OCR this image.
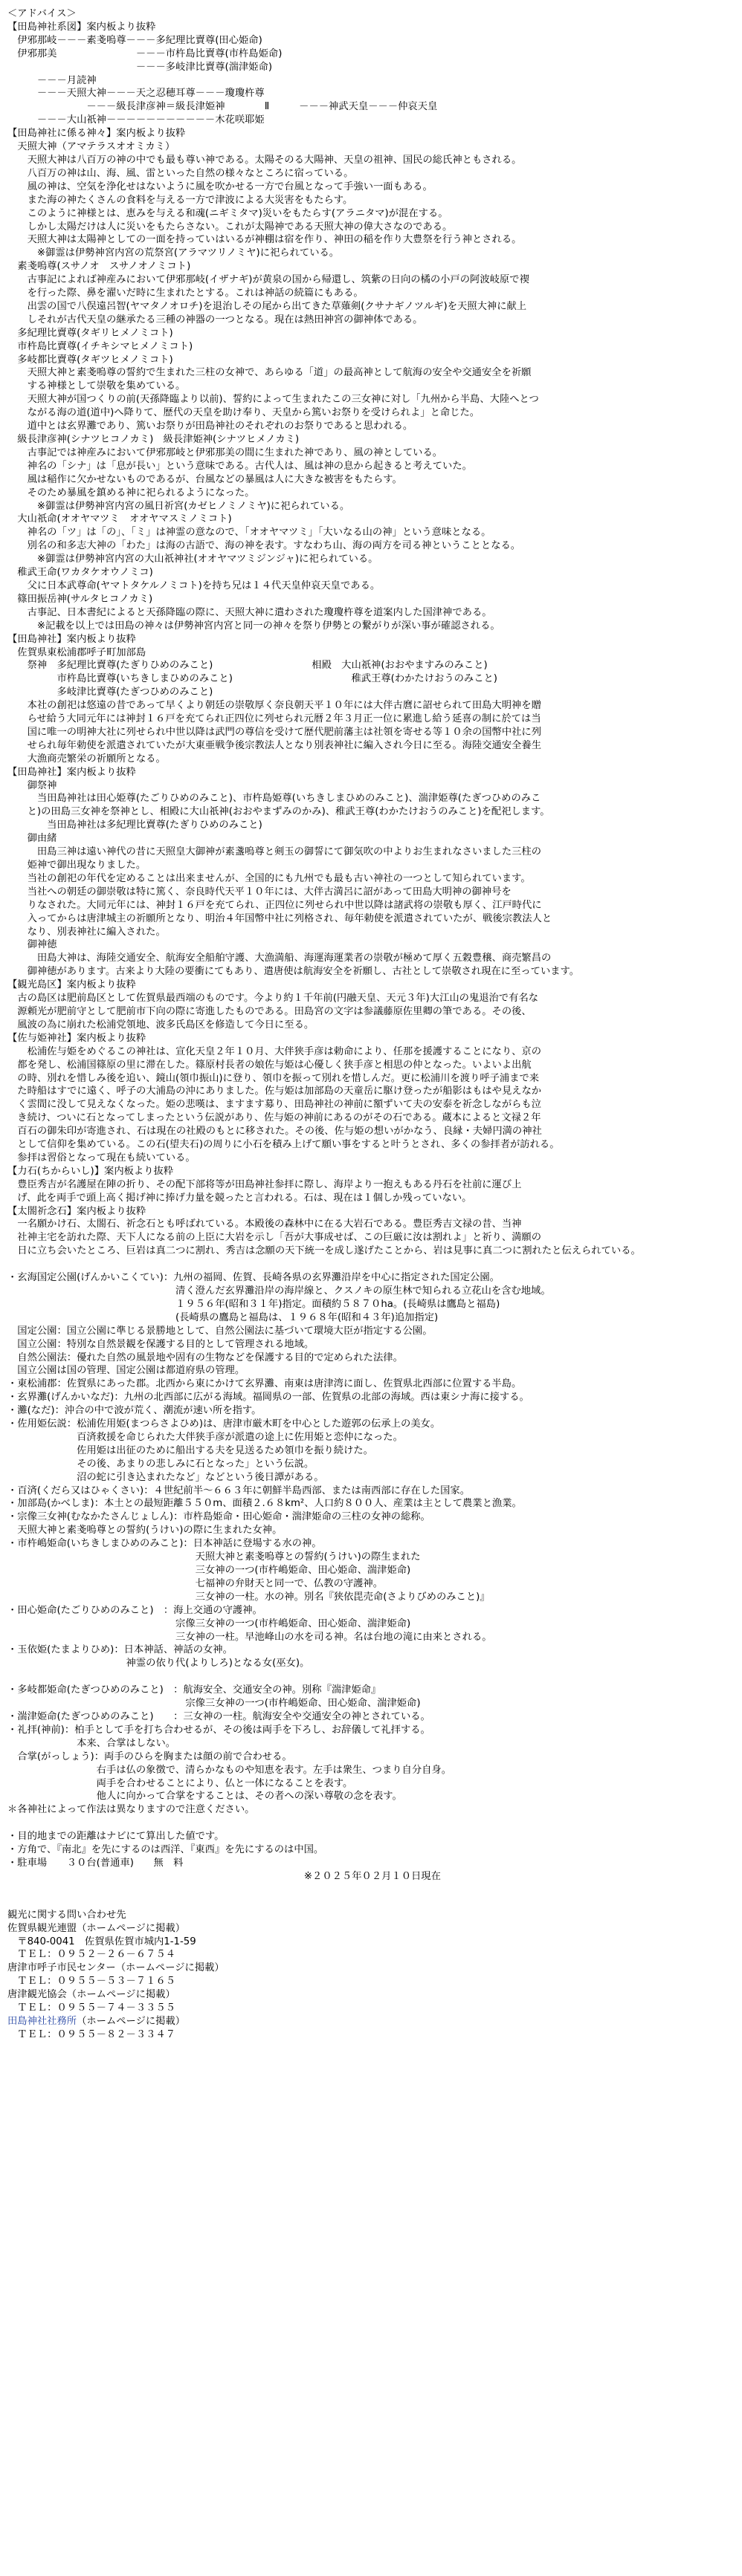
＜アドバイス＞
【田島神社系図】案内板より抜粋
　伊邪那岐－－－素戔嗚尊－－－多紀理比賣尊(田心姫命)
　伊邪那美　　　　　　　　－－－市杵島比賣尊(市杵島姫命)
　　　　　　　　　　　　　－－－多岐津比賣尊(湍津姫命)
　　　－－－月読神
　　　－－－天照大神－－－天之忍穂耳尊－－－瓊瓊杵尊
　　　　　　　　－－－級長津彦神＝級長津姫神　　　　Ⅱ　　　－－－神武天皇－－－仲哀天皇
　　　－－－大山祇神－－－－－－－－－－－木花咲耶姫
【田島神社に係る神々】案内板より抜粋
　天照大神（アマテラスオオミカミ）
　　天照大神は八百万の神の中でも最も尊い神である。太陽そのる大陽神、天皇の祖神、国民の総氏神ともされる。
　　八百万の神は山、海、風、雷といった自然の様々なところに宿っている。
　　風の神は、空気を浄化せはないように風を吹かせる一方で台風となって手強い一面もある。
　　また海の神たくさんの食料を与える一方で津波による大災害をもたらす。
　　このように神様とは、恵みを与える和魂(ニギミタマ)災いをもたらす(アラニタマ)が混在する。
　　しかし太陽だけは人に災いをもたらさない。これが太陽神である天照大神の偉大さなのである。
　　天照大神は太陽神としての一面を持っていはいるが神棚は宿を作り、神田の稲を作り大豊祭を行う神とされる。
　　　※御霊は伊勢神宮内宮の荒祭宮(アラマツリノミヤ)に祀られている。
　素戔嗚尊(スサノオ　スサノオノミコト)
　　古事記によれば神産みにおいて伊邪那岐(イザナギ)が黄泉の国から帰還し、筑紫の日向の橘の小戸の阿波岐原で禊
　　を行った際、鼻を濯いだ時に生まれたとする。これは神話の続篇にもある。
　　出雲の国で八俣遠呂智(ヤマタノオロチ)を退治しその尾から出てきた草薙剣(クサナギノツルギ)を天照大神に献上
　　しそれが古代天皇の継承たる三種の神器の一つとなる。現在は熱田神宮の御神体である。
　多紀理比賣尊(タギリヒメノミコト)
　市杵島比賣尊(イチキシマヒメノミコト)
　多岐都比賣尊(タギツヒメノミコト)
　　天照大神と素戔嗚尊の誓約で生まれた三柱の女神で、あらゆる「道」の最高神として航海の安全や交通安全を祈願
　　する神様として崇敬を集めている。
　　天照大神が国つくりの前(天孫降臨より以前)、誓約によって生まれたこの三女神に対し「九州から半島、大陸へとつ
　　ながる海の道(道中)へ降りて、歴代の天皇を助け奉り、天皇から篤いお祭りを受けられよ」と命じた。
　　道中とは玄界灘であり、篤いお祭りが田島神社のそれぞれのお祭りであると思われる。
　級長津彦神(シナツヒコノカミ)　級長津姫神(シナツヒメノカミ)
　　古事記では神産みにおいて伊邪那岐と伊邪那美の間に生まれた神であり、風の神としている。
　　神名の「シナ」は「息が長い」という意味である。古代人は、風は神の息から起きると考えていた。
　　風は稲作に欠かせないものであるが、台風などの暴風は人に大きな被害をもたらす。
　　そのため暴風を鎮める神に祀られるようになった。
　　　※御霊は伊勢神宮内宮の風日祈宮(カゼヒノミノミヤ)に祀られている。
　大山祇命(オオヤマツミ　オオヤマスミノミコト)
　　神名の「ツ」は「の」、「ミ」は神霊の意なので、「オオヤマツミ」「大いなる山の神」という意味となる。
　　別名の和多志大神の「わた」は海の古語で、海の神を表す。すなわち山、海の両方を司る神ということとなる。
　　　※御霊は伊勢神宮内宮の大山祇神社(オオヤマツミジンジャ)に祀られている。
　稚武王命(ワカタケオウノミコ)
　　父に日本武尊命(ヤマトタケルノミコト)を持ち兄は１４代天皇仲哀天皇である。
　篠田振岳神(サルタヒコノカミ)
　　古事記、日本書紀によると天孫降臨の際に、天照大神に遣わされた瓊瓊杵尊を道案内した国津神である。
　　　※記載を以上では田島の神々は伊勢神宮内宮と同一の神々を祭り伊勢との繋がりが深い事が確認される。
【田島神社】案内板より抜粋
　佐賀県東松浦郡呼子町加部島
　　祭神　多紀理比賣尊(たぎりひめのみこと)　　　　　　　　　　相殿　大山祇神(おおやますみのみこと)
　　　　　市杵島比賣尊(いちきしまひめのみこと)　　　　　　　　　　　　稚武王尊(わかたけおうのみこと)
　　　　　多岐津比賣尊(たぎつひめのみこと)
　　本社の創祀は悠遠の昔であって早くより朝廷の崇敬厚く奈良朝天平１０年には大伴古麿に詔せられて田島大明神を贈
　　らせ給う大同元年には神封１６戸を充てられ正四位に列せられ元暦２年３月正一位に累進し給う延喜の制に於ては当
　　国に唯一の明神大社に列せられ中世以降は武門の尊信を受けて歴代肥前藩主は社領を寄せる等１０余の国幣中社に列
　　せられ毎年勅使を派遣されていたが大東亜戦争後宗教法人となり別表神社に編入され今日に至る。海陸交通安全養生
　　大漁商売繁栄の祈願所となる。
【田島神社】案内板より抜粋
　　御祭神
　　　当田島神社は田心姫尊(たごりひめのみこと)、市杵島姫尊(いちきしまひめのみこと)、湍津姫尊(たぎつひめのみこ
　　と)の田島三女神を祭神とし、相殿に大山祇神(おおやまずみのかみ)、稚武王尊(わかたけおうのみこと)を配祀します。
　　　　当田島神社は多紀理比賣尊(たぎりひめのみこと)
　　御由緒
　　　田島三神は遠い神代の昔に天照皇大御神が素盞嗚尊と剣玉の御誓にて御気吹の中よりお生まれなさいました三柱の
　　姫神で御出現なりました。
　　当社の創祀の年代を定めることは出来ませんが、全国的にも九州でも最も古い神社の一つとして知られています。
　　当社への朝廷の御崇敬は特に篤く、奈良時代天平１０年には、大伴古満呂に詔があって田島大明神の御神号を
　　りなされた。大同元年には、神封１６戸を充てられ、正四位に列せられ中世以降は諸武将の崇敬も厚く、江戸時代に
　　入ってからは唐津城主の祈願所となり、明治４年国幣中社に列格され、毎年勅使を派遣されていたが、戦後宗教法人と
　　なり、別表神社に編入された。
　　御神徳
　　　田島大神は、海陸交通安全、航海安全船舶守護、大漁満船、海運海運業者の崇敬が極めて厚く五穀豊穣、商売繁昌の
　　御神徳があります。古来より大陸の要衝にてもあり、遣唐使は航海安全を祈願し、古社として崇敬され現在に至っています。
【観光島区】案内板より抜粋
　古の島区は肥前島区として佐賀県最西端のものです。今より約１千年前(円融天皇、天元３年)大江山の鬼退治で有名な
　源頼光が肥前守として肥前市下向の際に寄進したものである。田島宮の文字は参議藤原佐里卿の筆である。その後、
　風波の為に崩れた松浦党領地、波多氏島区を修造して今日に至る。
【佐与姫神社】案内板より抜粋
　　松浦佐与姫をめぐるこの神社は、宣化天皇２年１０月、大伴狭手彦は勅命により、任那を援護することになり、京の
　都を発し、松浦国篠原の里に滞在した。篠原村長者の娘佐与姫は心優しく狭手彦と相思の仲となった。いよいよ出航
　の時、別れを惜しみ後を追い、鏡山(領巾振山)に登り、領巾を振って別れを惜しんだ。更に松浦川を渡り呼子浦まで来
　た時船はすでに遠く、呼子の大浦島の沖にありました。佐与姫は加部島の天童岳に駆け登ったが船影はもはや見えなか
　く雲間に没して見えなくなった。姫の悲嘆は、ますます募り、田島神社の神前に額ずいて夫の安泰を祈念しながらも泣
　き続け、ついに石となってしまったという伝説があり、佐与姫の神前にあるのがその石である。蔵本によると文禄２年
　百石の御朱印が寄進され、石は現在の社殿のもとに移された。その後、佐与姫の想いがかなう、良縁・夫婦円満の神社
　として信仰を集めている。この石(望夫石)の周りに小石を積み上げて願い事をすると叶うとされ、多くの参拝者が訪れる。
　参拝は習俗となって現在も続いている。
【力石(ちからいし)】案内板より抜粋
　豊臣秀吉が名護屋在陣の折り、その配下部将等が田島神社参拝に際し、海岸より一抱えもある丹石を社前に運び上
　げ、此を両手で頭上高く掲げ神に捧げ力量を競ったと言われる。石は、現在は１個しか残っていない。
【太閤祈念石】案内板より抜粋
　一名願かけ石、太閤石、祈念石とも呼ばれている。本殿後の森林中に在る大岩石である。豊臣秀吉文禄の昔、当神
　社神主宅を訪れた際、天下人になる前の上臣に大岩を示し「吾が大事成せば、この巨厳に汝は割れよ」と祈り、満願の
　日に立ち会いたところ、巨岩は真二つに割れ、秀吉は念願の天下統一を成し遂げたことから、岩は見事に真二つに割れたと伝えられている。
・玄海国定公園(げんかいこくてい)：九州の福岡、佐賀、長崎各県の玄界灘沿岸を中心に指定された国定公園。
　　　　　　　　　　　　　　　　　清く澄んだ玄界灘沿岸の海岸線と、クスノキの原生林で知られる立花山を含む地域。
　　　　　　　　　　　　　　　　　１９５６年(昭和３１年)指定。面積約５８７０ha。(長崎県は鷹島と福島)
　　　　　　　　　　　　　　　　　(長崎県の鷹島と福島は、１９６８年(昭和４３年)追加指定)
　国定公園：国立公園に準じる景勝地として、自然公園法に基づいて環境大臣が指定する公園。
　国立公園：特別な自然景観を保護する目的として管理される地域。
　自然公園法：優れた自然の風景地や固有の生物などを保護する目的で定められた法律。
　国立公園は国の管理、国定公園は都道府県の管理。
・東松浦郡：佐賀県にあった郡。北西から東にかけて玄界灘、南東は唐津湾に面し、佐賀県北西部に位置する半島。
・玄界灘(げんかいなだ)：九州の北西部に広がる海域。福岡県の一部、佐賀県の北部の海域。西は東シナ海に接する。
・灘(なだ)：沖合の中で波が荒く、潮流が速い所を指す。
・佐用姫伝説：松浦佐用姫(まつらさよひめ)は、唐津市厳木町を中心とした遊郭の伝承上の美女。
　　　　　　　百済救援を命じられた大伴狭手彦が派遣の途上に佐用姫と恋仲になった。
　　　　　　　佐用姫は出征のために船出する夫を見送るため領巾を振り続けた。
　　　　　　　その後、あまりの悲しみに石となった」という伝説。
　　　　　　　沼の蛇に引き込まれたなど」などという後日譚がある。
・百済(くだら又はひゃくさい)：４世紀前半～６６３年に朝鮮半島西部、または南西部に存在した国家。
・加部島(かべしま)：本土との最短距離５５０m、面積２.６８km²、人口約８００人、産業は主として農業と漁業。
・宗像三女神(むなかたさんじょしん)：市杵島姫命・田心姫命・湍津姫命の三柱の女神の総称。
　天照大神と素戔嗚尊との誓約(うけい)の際に生まれた女神。
・市杵嶋姫命(いちきしまひめのみこと)：日本神話に登場する水の神。
　　　　　　　　　　　　　　　　　　　天照大神と素戔嗚尊との誓約(うけい)の際生まれた
　　　　　　　　　　　　　　　　　　　三女神の一つ(市杵嶋姫命、田心姫命、湍津姫命)
　　　　　　　　　　　　　　　　　　　七福神の弁財天と同一で、仏教の守護神。
　　　　　　　　　　　　　　　　　　　三女神の一柱。水の神。別名『狭依毘売命(さよりびめのみこと)』
・田心姫命(たごりひめのみこと)　：海上交通の守護神。
　　　　　　　　　　　　　　　　　宗像三女神の一つ(市杵嶋姫命、田心姫命、湍津姫命)
　　　　　　　　　　　　　　　　　三女神の一柱。早池峰山の水を司る神。名は台地の滝に由来とされる。
・玉依姫(たまよりひめ)：日本神話、神話の女神。
　　　　　　　　　　　　神霊の依り代(よりしろ)となる女(巫女)。
・多岐都姫命(たぎつひめのみこと)　：航海安全、交通安全の神。別称『湍津姫命』
　　　　　　　　　　　　　　　　　　宗像三女神の一つ(市杵嶋姫命、田心姫命、湍津姫命)
・湍津姫命(たぎつひめのみこと)　　：三女神の一柱。航海安全や交通安全の神とされている。
・礼拝(神前)：柏手として手を打ち合わせるが、その後は両手を下ろし、お辞儀して礼拝する。
　　　　　　　本来、合掌はしない。
　合掌(がっしょう)：両手のひらを胸または顔の前で合わせる。
　　　　　　　　　右手は仏の象徴で、清らかなものや知恵を表す。左手は衆生、つまり自分自身。
　　　　　　　　　両手を合わせることにより、仏と一体になることを表す。
　　　　　　　　　他人に向かって合掌をすることは、その者への深い尊敬の念を表す。
＊各神社によって作法は異なりますので注意ください。
・目的地までの距離はナビにて算出した値です。
・方角で、『南北』を先にするのは西洋、『東西』を先にするのは中国。
・駐車場　　３０台(普通車)　　無　料
　　　　　　　　　　　　　　　　　　　　　　　　　　　　　　※２０２５年０２月１０日現在
観光に関する問い合わせ先
佐賀県観光連盟（ホームページに掲載）
　〒840-0041　佐賀県佐賀市城内1-1-59
　ＴＥＬ：０９５２－２６－６７５４
唐津市呼子市民センター（ホームページに掲載）
　ＴＥＬ：０９５５－５３－７１６５
唐津観光協会（ホームページに掲載）
　ＴＥＬ：０９５５－７４－３３５５
田島神社社務所（ホームページに掲載）
　ＴＥＬ：０９５５－８２－３３４７
